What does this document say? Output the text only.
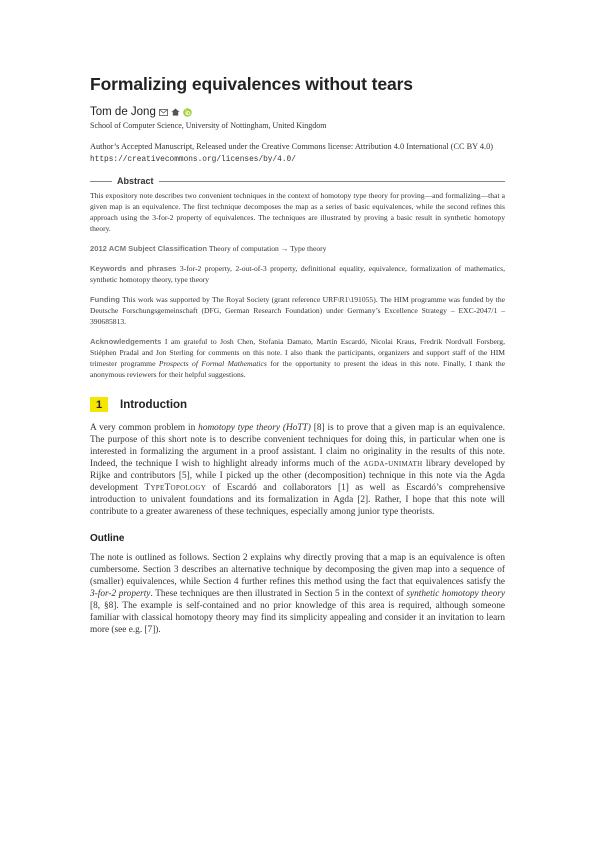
Formalizing equivalences without tears
Tom de Jong
School of Computer Science, University of Nottingham, United Kingdom
Author’s Accepted Manuscript, Released under the Creative Commons license: Attribution 4.0 International (CC BY 4.0) https://creativecommons.org/licenses/by/4.0/
Abstract
This expository note describes two convenient techniques in the context of homotopy type theory for proving—and formalizing—that a given map is an equivalence. The first technique decomposes the map as a series of basic equivalences, while the second refines this approach using the 3-for-2 property of equivalences. The techniques are illustrated by proving a basic result in synthetic homotopy theory.
2012 ACM Subject Classification Theory of computation → Type theory
Keywords and phrases 3-for-2 property, 2-out-of-3 property, definitional equality, equivalence, formalization of mathematics, synthetic homotopy theory, type theory
Funding This work was supported by The Royal Society (grant reference URF\R1\191055). The HIM programme was funded by the Deutsche Forschungsgemeinschaft (DFG, German Research Foundation) under Germany’s Excellence Strategy – EXC-2047/1 – 390685813.
Acknowledgements I am grateful to Josh Chen, Stefania Damato, Martín Escardó, Nicolai Kraus, Fredrik Nordvall Forsberg, Stiéphen Pradal and Jon Sterling for comments on this note. I also thank the participants, organizers and support staff of the HIM trimester programme Prospects of Formal Mathematics for the opportunity to present the ideas in this note. Finally, I thank the anonymous reviewers for their helpful suggestions.
1	Introduction
A very common problem in homotopy type theory (HoTT) [8] is to prove that a given map is an equivalence. The purpose of this short note is to describe convenient techniques for doing this, in particular when one is interested in formalizing the argument in a proof assistant. I claim no originality in the results of this note. Indeed, the technique I wish to highlight already informs much of the agda-unimath library developed by Rijke and contributors [5], while I picked up the other (decomposition) technique in this note via the Agda development TypeTopology of Escardó and collaborators [1] as well as Escardó’s comprehensive introduction to univalent foundations and its formalization in Agda [2]. Rather, I hope that this note will contribute to a greater awareness of these techniques, especially among junior type theorists.
Outline
The note is outlined as follows. Section 2 explains why directly proving that a map is an equivalence is often cumbersome. Section 3 describes an alternative technique by decomposing the given map into a sequence of (smaller) equivalences, while Section 4 further refines this method using the fact that equivalences satisfy the 3-for-2 property. These techniques are then illustrated in Section 5 in the context of synthetic homotopy theory [8, §8]. The example is self-contained and no prior knowledge of this area is required, although someone familiar with classical homotopy theory may find its simplicity appealing and consider it an invitation to learn more (see e.g. [7]).
